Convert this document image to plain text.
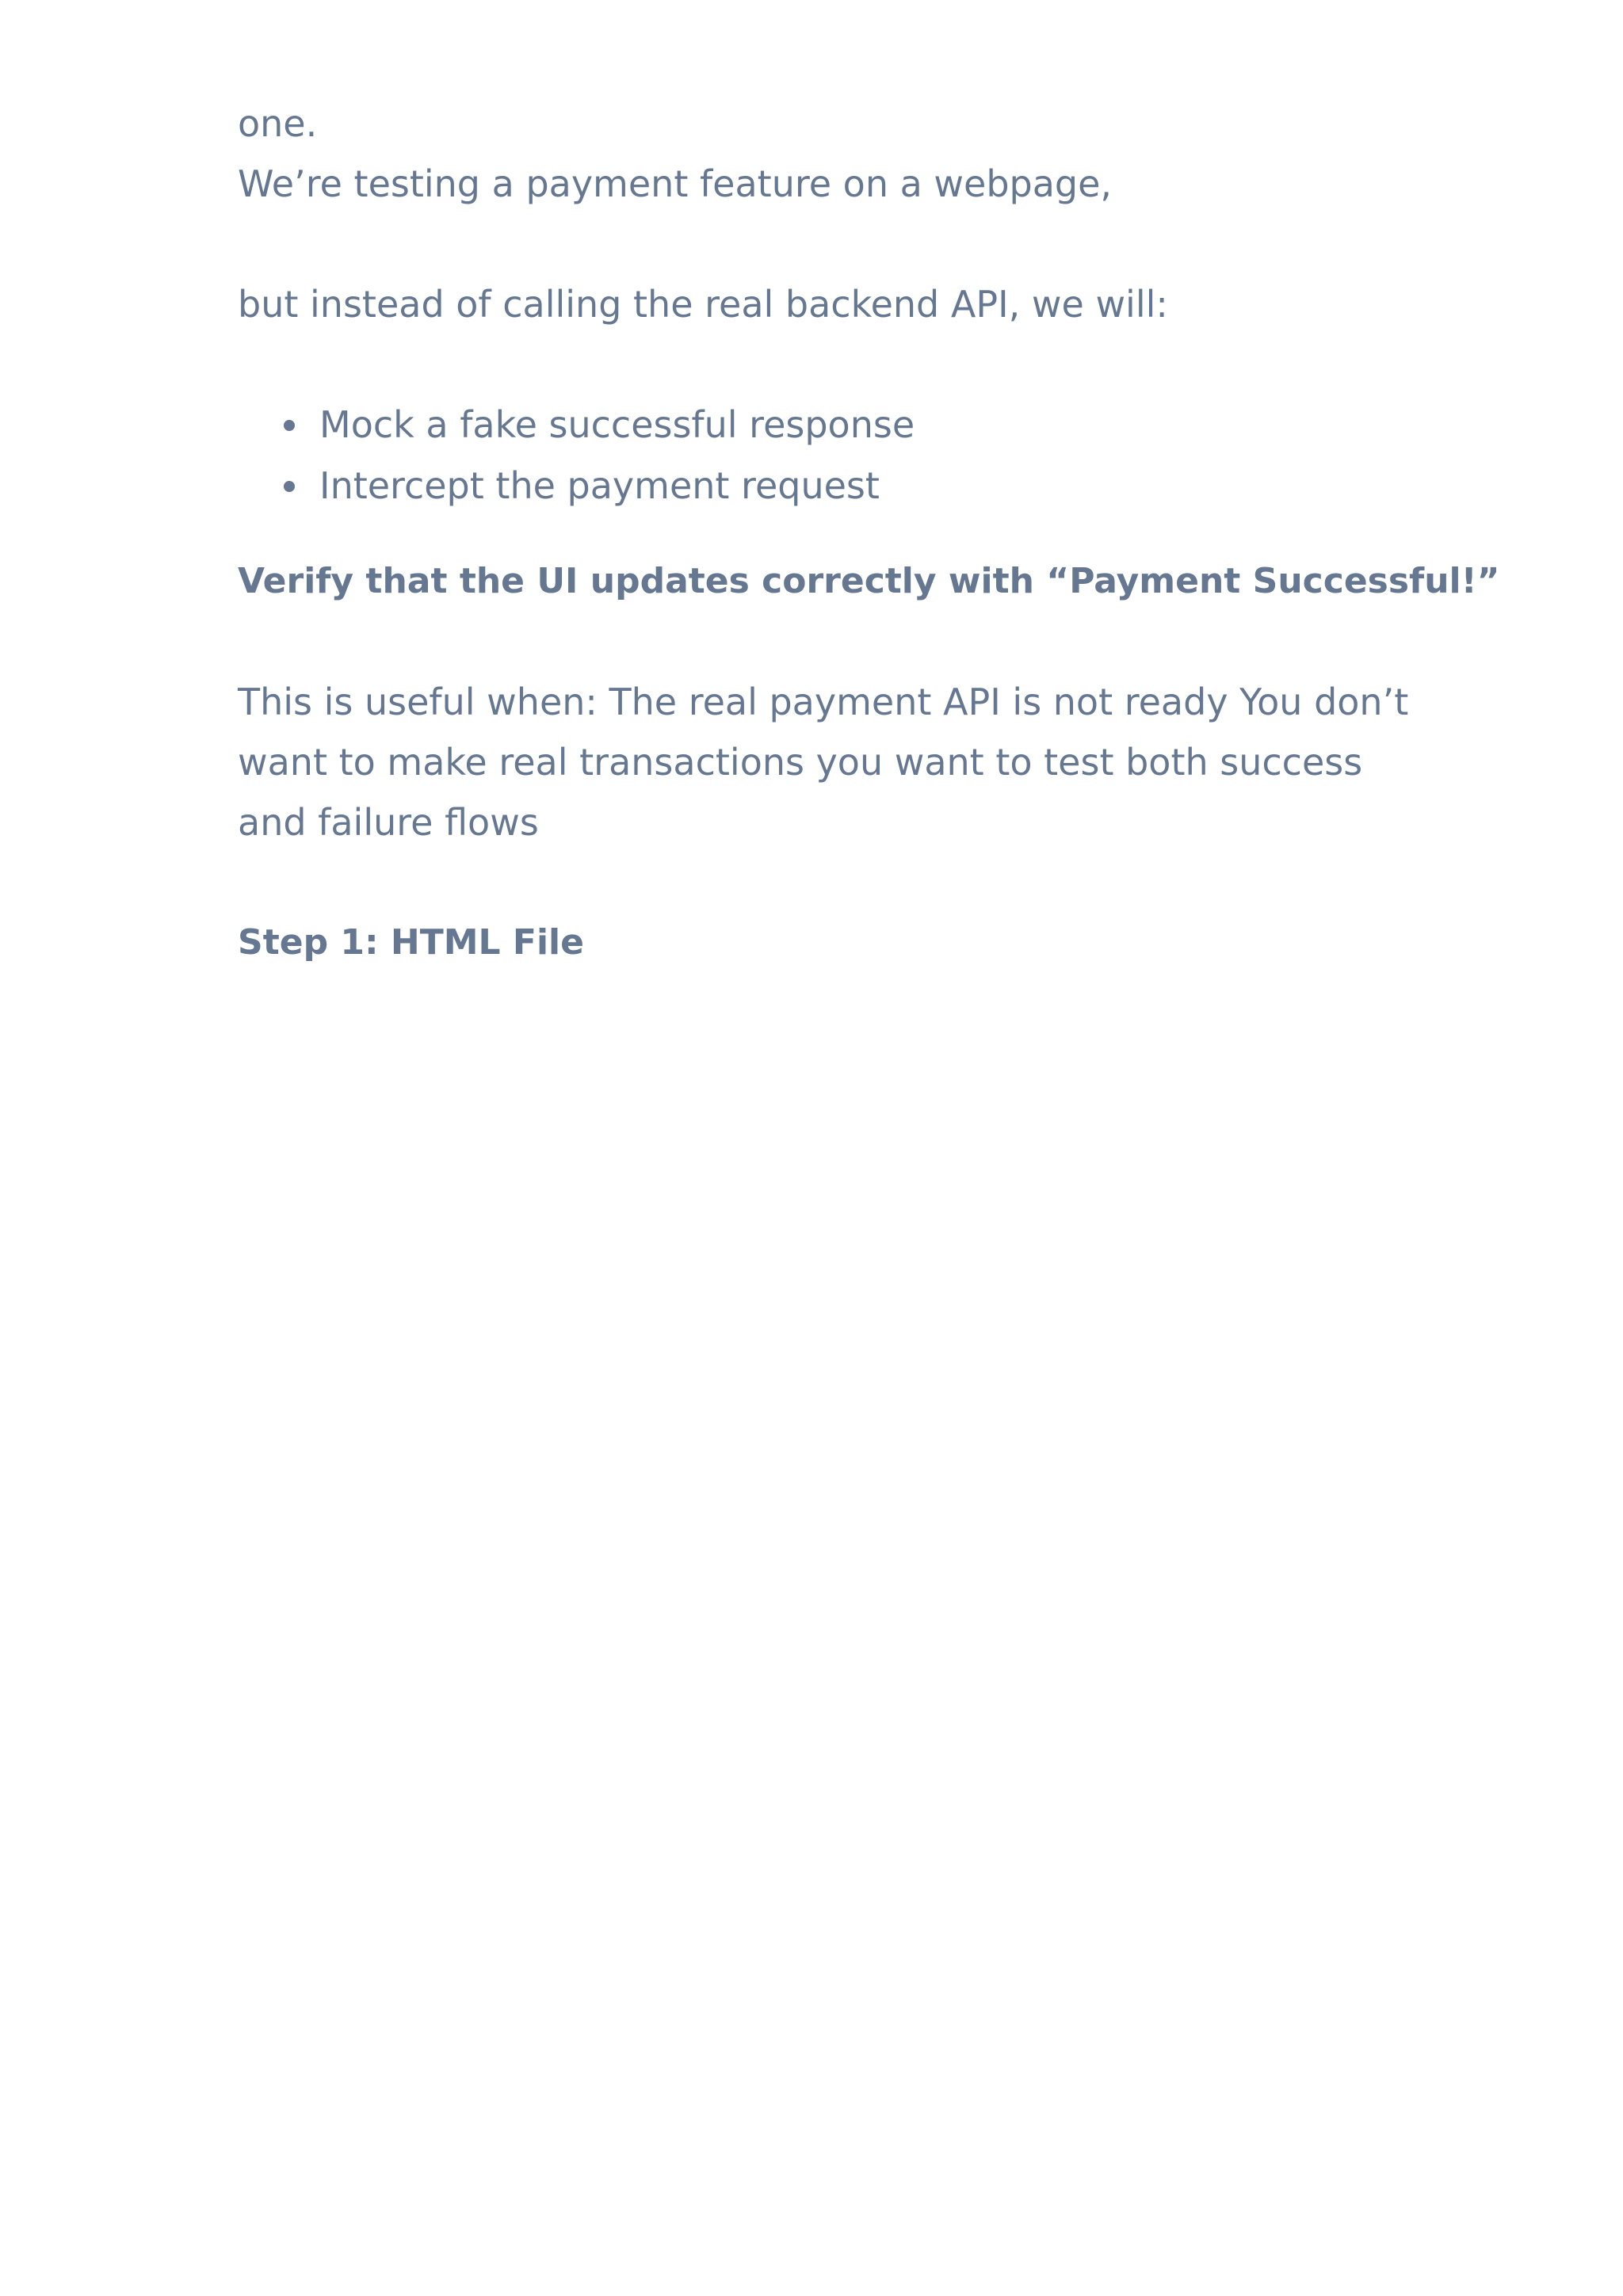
one.

We’re testing a payment feature on a webpage,

but instead of calling the real backend API, we will:

Mock a fake successful response
Intercept the payment request
Verify that the UI updates correctly with “Payment Successful!”

This is useful when: The real payment API is not ready You don’t want to make real transactions you want to test both success and failure flows

Step 1: HTML File
